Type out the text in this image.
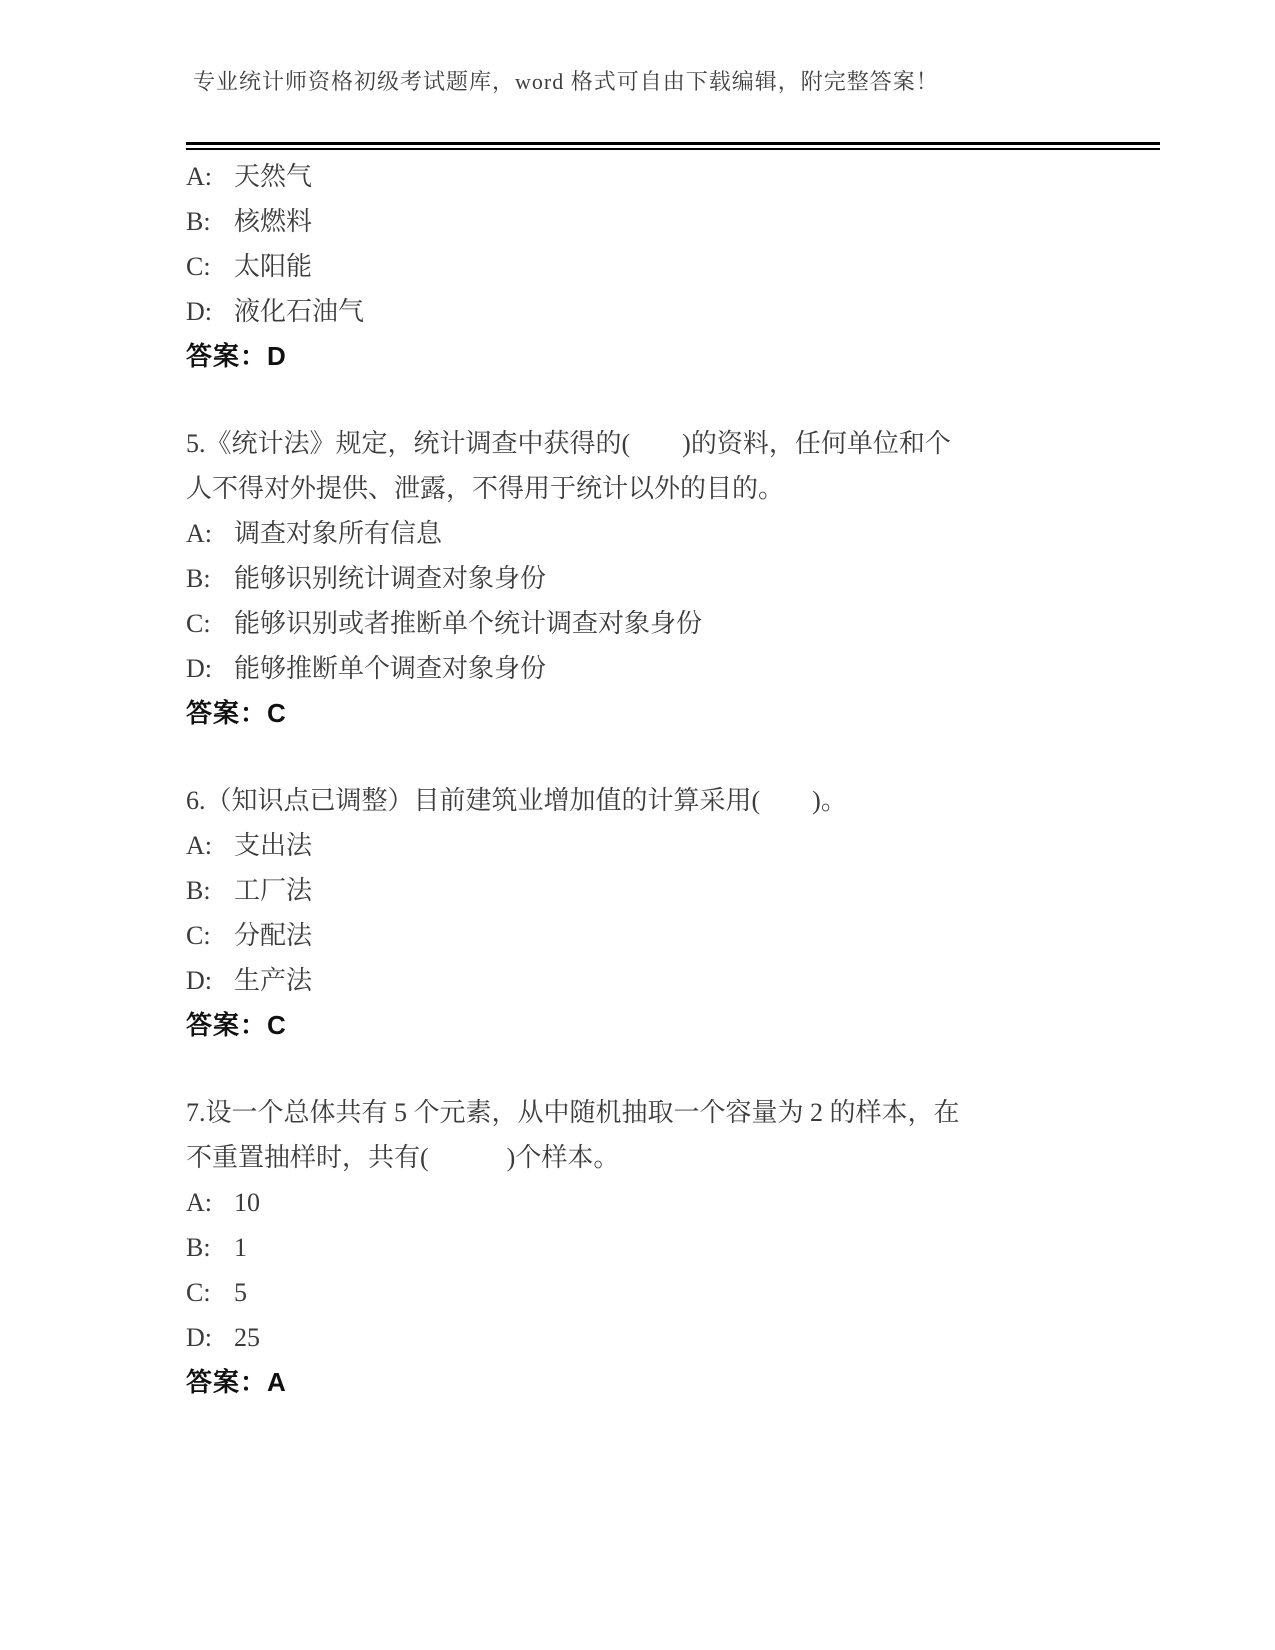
专业统计师资格初级考试题库，word 格式可自由下载编辑，附完整答案！
A: 天然气
B: 核燃料
C: 太阳能
D: 液化石油气
答案：D
5.《统计法》规定，统计调查中获得的(　　)的资料，任何单位和个
人不得对外提供、泄露，不得用于统计以外的目的。
A: 调查对象所有信息
B: 能够识别统计调查对象身份
C: 能够识别或者推断单个统计调查对象身份
D: 能够推断单个调查对象身份
答案：C
6.（知识点已调整）目前建筑业增加值的计算采用(　　)。
A: 支出法
B: 工厂法
C: 分配法
D: 生产法
答案：C
7.设一个总体共有 5 个元素，从中随机抽取一个容量为 2 的样本，在
不重置抽样时，共有(　　　)个样本。
A: 10
B: 1
C: 5
D: 25
答案：A
